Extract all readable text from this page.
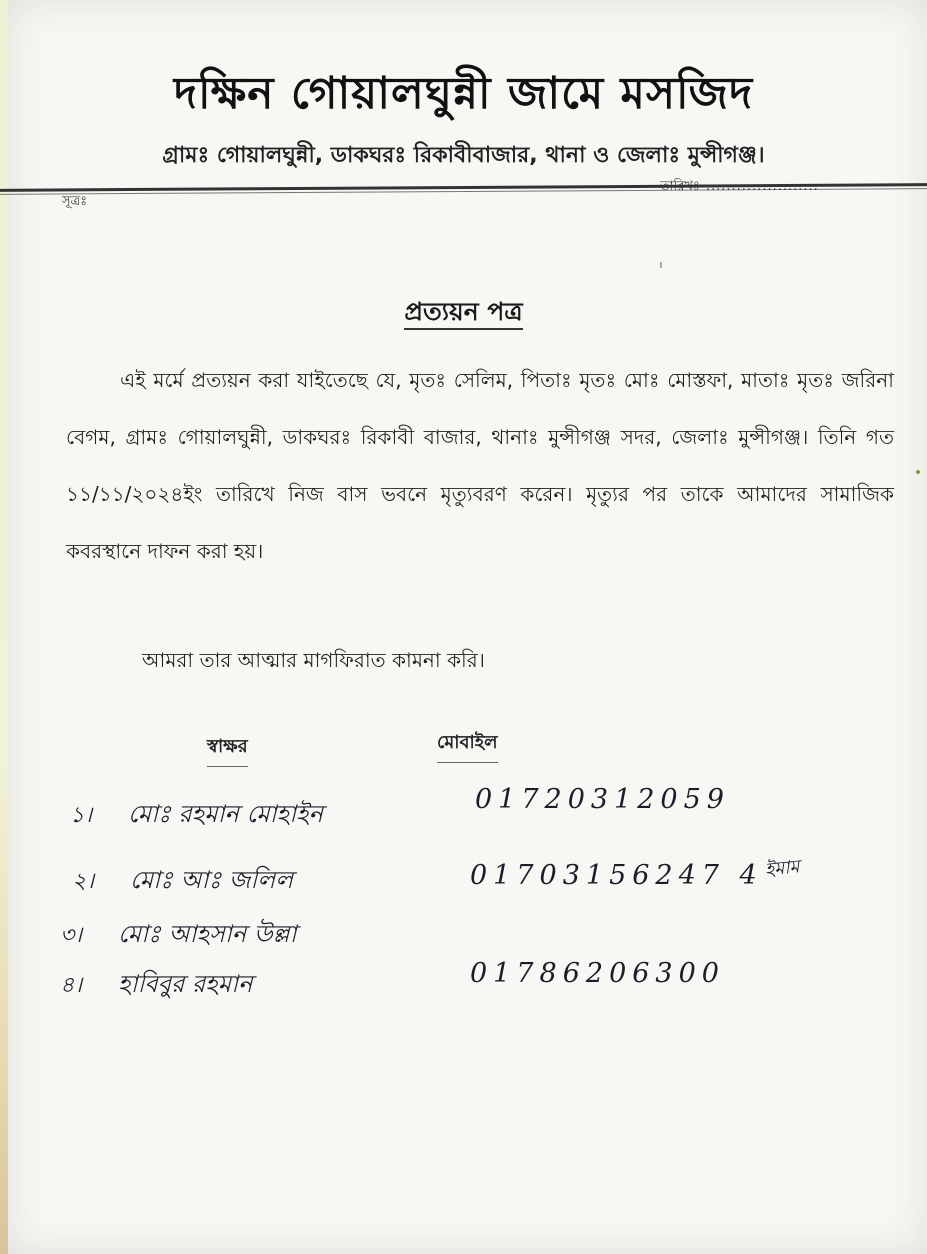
দক্ষিন গোয়ালঘুন্নী জামে মসজিদ
গ্রামঃ গোয়ালঘুন্নী, ডাকঘরঃ রিকাবীবাজার, থানা ও জেলাঃ মুন্সীগঞ্জ।
সূত্রঃ
তারিখঃ ......................
প্রত্যয়ন পত্র

এই মর্মে প্রত্যয়ন করা যাইতেছে যে, মৃতঃ সেলিম, পিতাঃ মৃতঃ মোঃ মোস্তফা, মাতাঃ মৃতঃ জরিনা বেগম, গ্রামঃ গোয়ালঘুন্নী, ডাকঘরঃ রিকাবী বাজার, থানাঃ মুন্সীগঞ্জ সদর, জেলাঃ মুন্সীগঞ্জ। তিনি গত ১১/১১/২০২৪ইং তারিখে নিজ বাস ভবনে মৃত্যুবরণ করেন। মৃত্যুর পর তাকে আমাদের সামাজিক কবরস্থানে দাফন করা হয়।

আমরা তার আত্মার মাগফিরাত কামনা করি।
স্বাক্ষর	মোবাইল
১। মোঃ রহমান মোহাইন	01720312059
২। মোঃ আঃ জলিল	01703156247 4 ইমাম
৩। মোঃ আহসান উল্লা
৪। হাবিবুর রহমান	01786206300
